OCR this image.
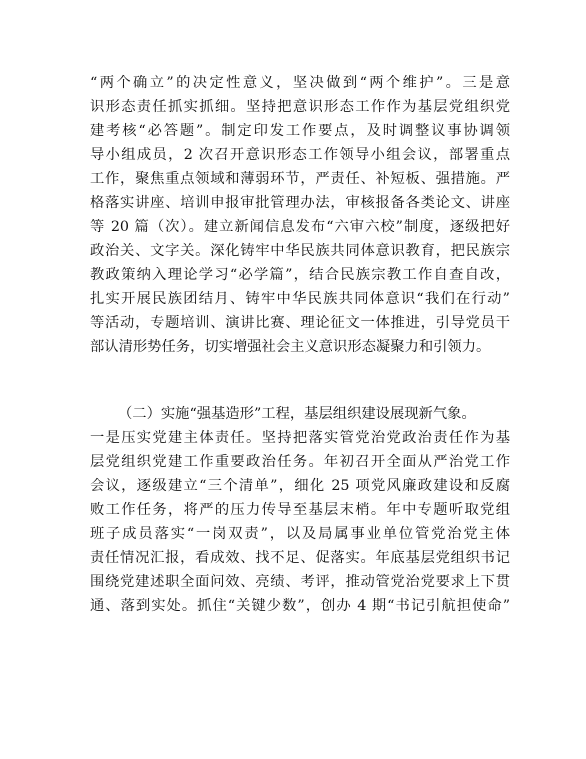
“两个确立”的决定性意义，坚决做到“两个维护”。三是意
识形态责任抓实抓细。坚持把意识形态工作作为基层党组织党
建考核“必答题”。制定印发工作要点，及时调整议事协调领
导小组成员，2 次召开意识形态工作领导小组会议，部署重点
工作，聚焦重点领域和薄弱环节，严责任、补短板、强措施。严
格落实讲座、培训申报审批管理办法，审核报备各类论文、讲座
等 20 篇（次）。建立新闻信息发布“六审六校”制度，逐级把好
政治关、文字关。深化铸牢中华民族共同体意识教育，把民族宗
教政策纳入理论学习“必学篇”，结合民族宗教工作自查自改，
扎实开展民族团结月、铸牢中华民族共同体意识“我们在行动”
等活动，专题培训、演讲比赛、理论征文一体推进，引导党员干
部认清形势任务，切实增强社会主义意识形态凝聚力和引领力。
（二）实施“强基造形”工程，基层组织建设展现新气象。
一是压实党建主体责任。坚持把落实管党治党政治责任作为基
层党组织党建工作重要政治任务。年初召开全面从严治党工作
会议，逐级建立“三个清单”，细化 25 项党风廉政建设和反腐
败工作任务，将严的压力传导至基层末梢。年中专题听取党组
班子成员落实“一岗双责”，以及局属事业单位管党治党主体
责任情况汇报，看成效、找不足、促落实。年底基层党组织书记
围绕党建述职全面问效、亮绩、考评，推动管党治党要求上下贯
通、落到实处。抓住“关键少数”，创办 4 期“书记引航担使命”
